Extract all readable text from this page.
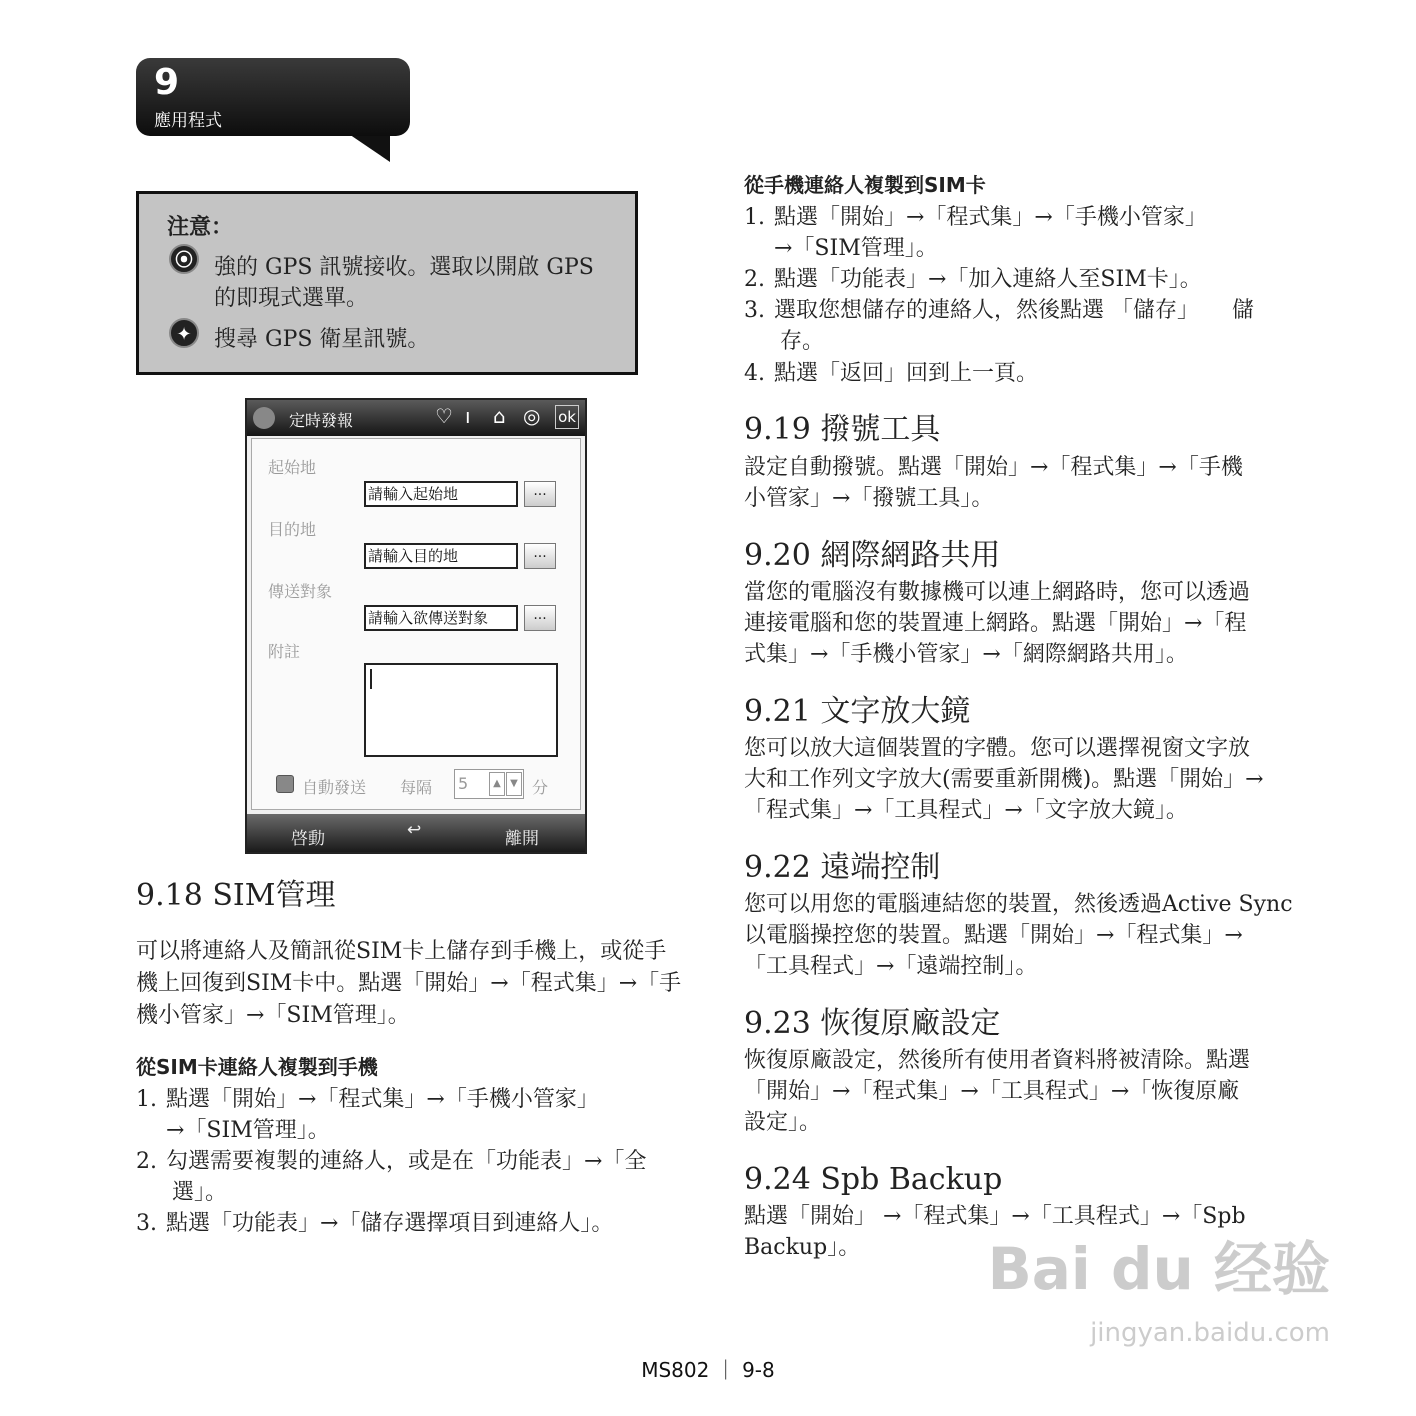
9
應用程式
注意：
⦿ 強的 GPS 訊號接收。選取以開啟 GPS
的即現式選單。
✦	搜尋 GPS 衛星訊號。
定時發報	♡ ı ⌂ ◎ ok
起始地
請輸入起始地	...
目的地
請輸入目的地	...
傳送對象
請輸入欲傳送對象	...
附註
自動發送 每隔 5	▲ ▼ 分
啓動	↩	離開
9.18 SIM管理

可以將連絡人及簡訊從SIM卡上儲存到手機上，或從手

機上回復到SIM卡中。點選「開始」→「程式集」→「手

機小管家」→「SIM管理」。

從SIM卡連絡人複製到手機
1. 點選「開始」→「程式集」→「手機小管家」
→「SIM管理」。
2. 勾選需要複製的連絡人，或是在「功能表」→「全
選」。
3. 點選「功能表」→「儲存選擇項目到連絡人」。
從手機連絡人複製到SIM卡
1. 點選「開始」→「程式集」→「手機小管家」
→「SIM管理」。
2. 點選「功能表」→「加入連絡人至SIM卡」。
3. 選取您想儲存的連絡人，然後點選 「儲存」　　儲
存。
4. 點選「返回」回到上一頁。
9.19 撥號工具

設定自動撥號。點選「開始」→「程式集」→「手機

小管家」→「撥號工具」。

9.20 網際網路共用

當您的電腦沒有數據機可以連上網路時，您可以透過

連接電腦和您的裝置連上網路。點選「開始」→「程

式集」→「手機小管家」→「網際網路共用」。

9.21 文字放大鏡

您可以放大這個裝置的字體。您可以選擇視窗文字放

大和工作列文字放大(需要重新開機)。點選「開始」→

「程式集」→「工具程式」→「文字放大鏡」。

9.22 遠端控制

您可以用您的電腦連結您的裝置，然後透過Active Sync

以電腦操控您的裝置。點選「開始」→「程式集」→

「工具程式」→「遠端控制」。

9.23 恢復原廠設定

恢復原廠設定，然後所有使用者資料將被清除。點選

「開始」→「程式集」→「工具程式」→「恢復原廠

設定」。

9.24 Spb Backup

點選「開始」 →「程式集」→「工具程式」→「Spb

Backup」。 Bai du 经验
jingyan.baidu.com
MS802 ｜ 9-8
